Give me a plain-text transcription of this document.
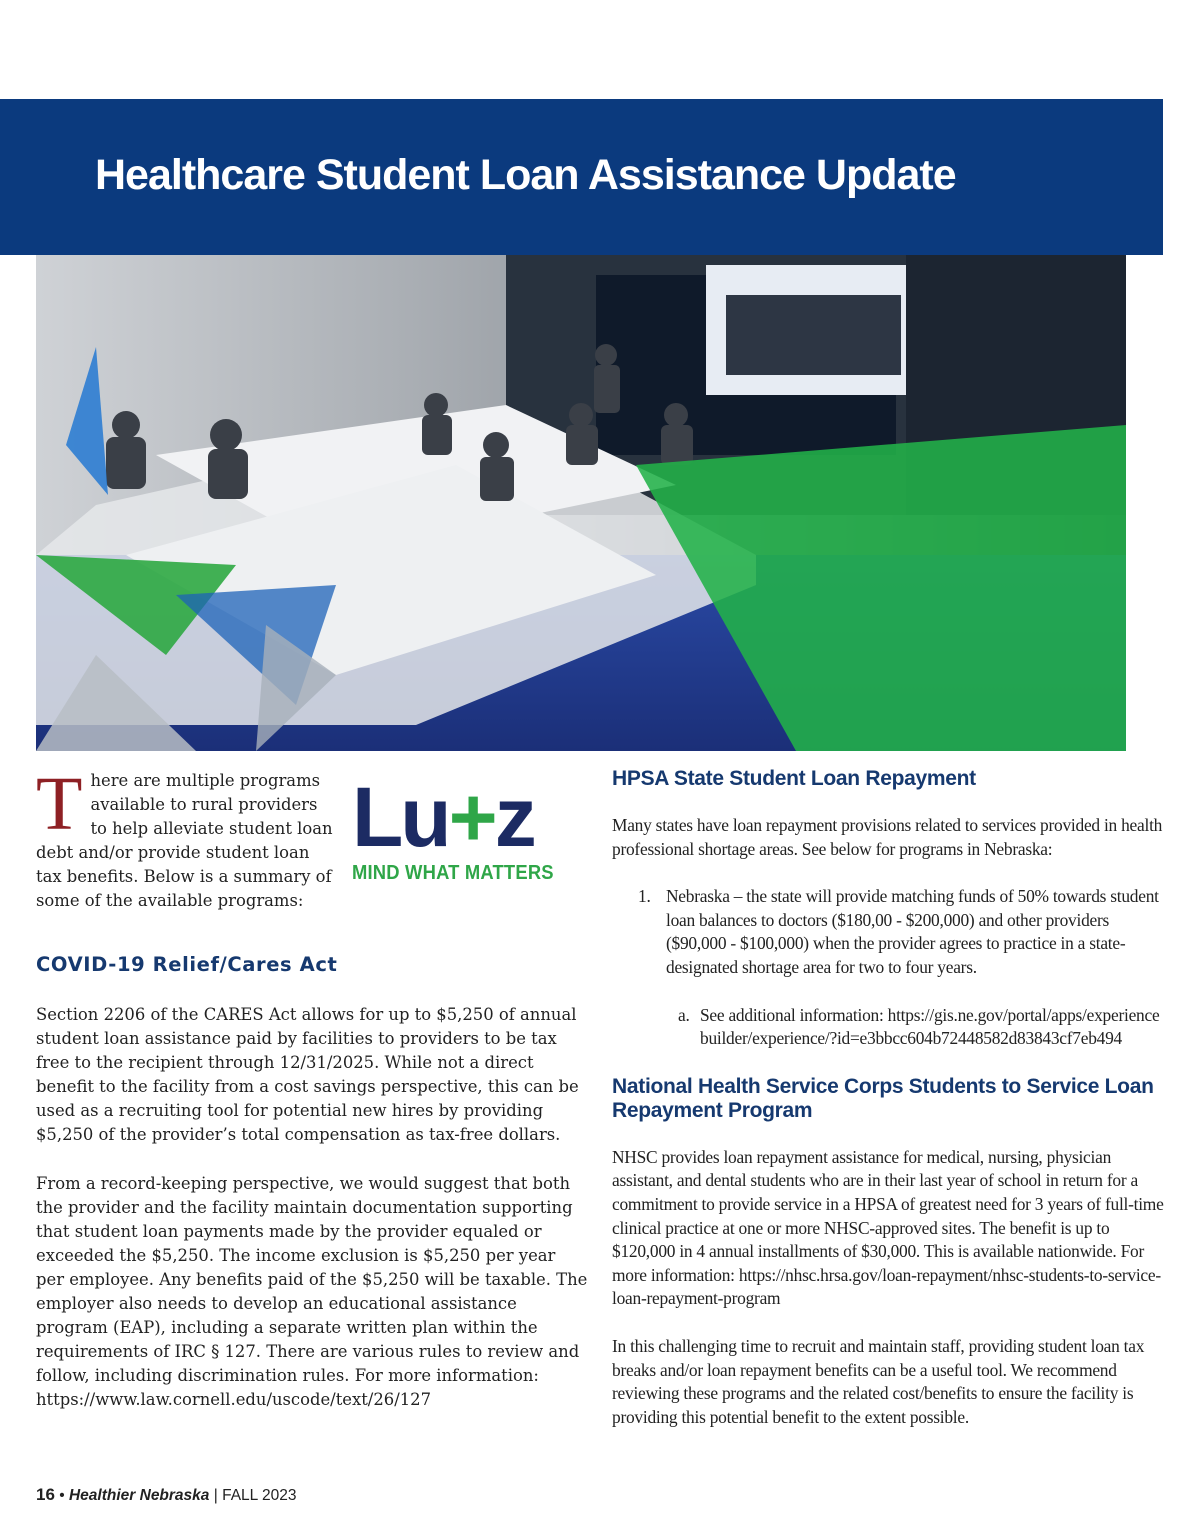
Healthcare Student Loan Assistance Update
There are multiple programs available to rural providers to help alleviate student loan debt and/or provide student loan tax benefits. Below is a summary of some of the available programs:
Lu+z
MIND WHAT MATTERS
COVID-19 Relief/Cares Act

Section 2206 of the CARES Act allows for up to $5,250 of annual student loan assistance paid by facilities to providers to be tax free to the recipient through 12/31/2025. While not a direct benefit to the facility from a cost savings perspective, this can be used as a recruiting tool for potential new hires by providing $5,250 of the provider’s total compensation as tax-free dollars.

From a record-keeping perspective, we would suggest that both the provider and the facility maintain documentation supporting that student loan payments made by the provider equaled or exceeded the $5,250. The income exclusion is $5,250 per year per employee. Any benefits paid of the $5,250 will be taxable. The employer also needs to develop an educational assistance program (EAP), including a separate written plan within the requirements of IRC § 127. There are various rules to review and follow, including discrimination rules. For more information: https://www.law.cornell.edu/uscode/text/26/127

HPSA State Student Loan Repayment

Many states have loan repayment provisions related to services provided in health professional shortage areas. See below for programs in Nebraska:

1. Nebraska – the state will provide matching funds of 50% towards student loan balances to doctors ($180,00 - $200,000) and other providers ($90,000 - $100,000) when the provider agrees to practice in a state-designated shortage area for two to four years.
a. See additional information: https://gis.ne.gov/portal/apps/experiencebuilder/experience/?id=e3bbcc604b72448582d83843cf7eb494
National Health Service Corps Students to Service Loan Repayment Program

NHSC provides loan repayment assistance for medical, nursing, physician assistant, and dental students who are in their last year of school in return for a commitment to provide service in a HPSA of greatest need for 3 years of full-time clinical practice at one or more NHSC-approved sites. The benefit is up to $120,000 in 4 annual installments of $30,000. This is available nationwide. For more information: https://nhsc.hrsa.gov/loan-repayment/nhsc-students-to-service-loan-repayment-program

In this challenging time to recruit and maintain staff, providing student loan tax breaks and/or loan repayment benefits can be a useful tool. We recommend reviewing these programs and the related cost/benefits to ensure the facility is providing this potential benefit to the extent possible.

16 • Healthier Nebraska | FALL 2023
